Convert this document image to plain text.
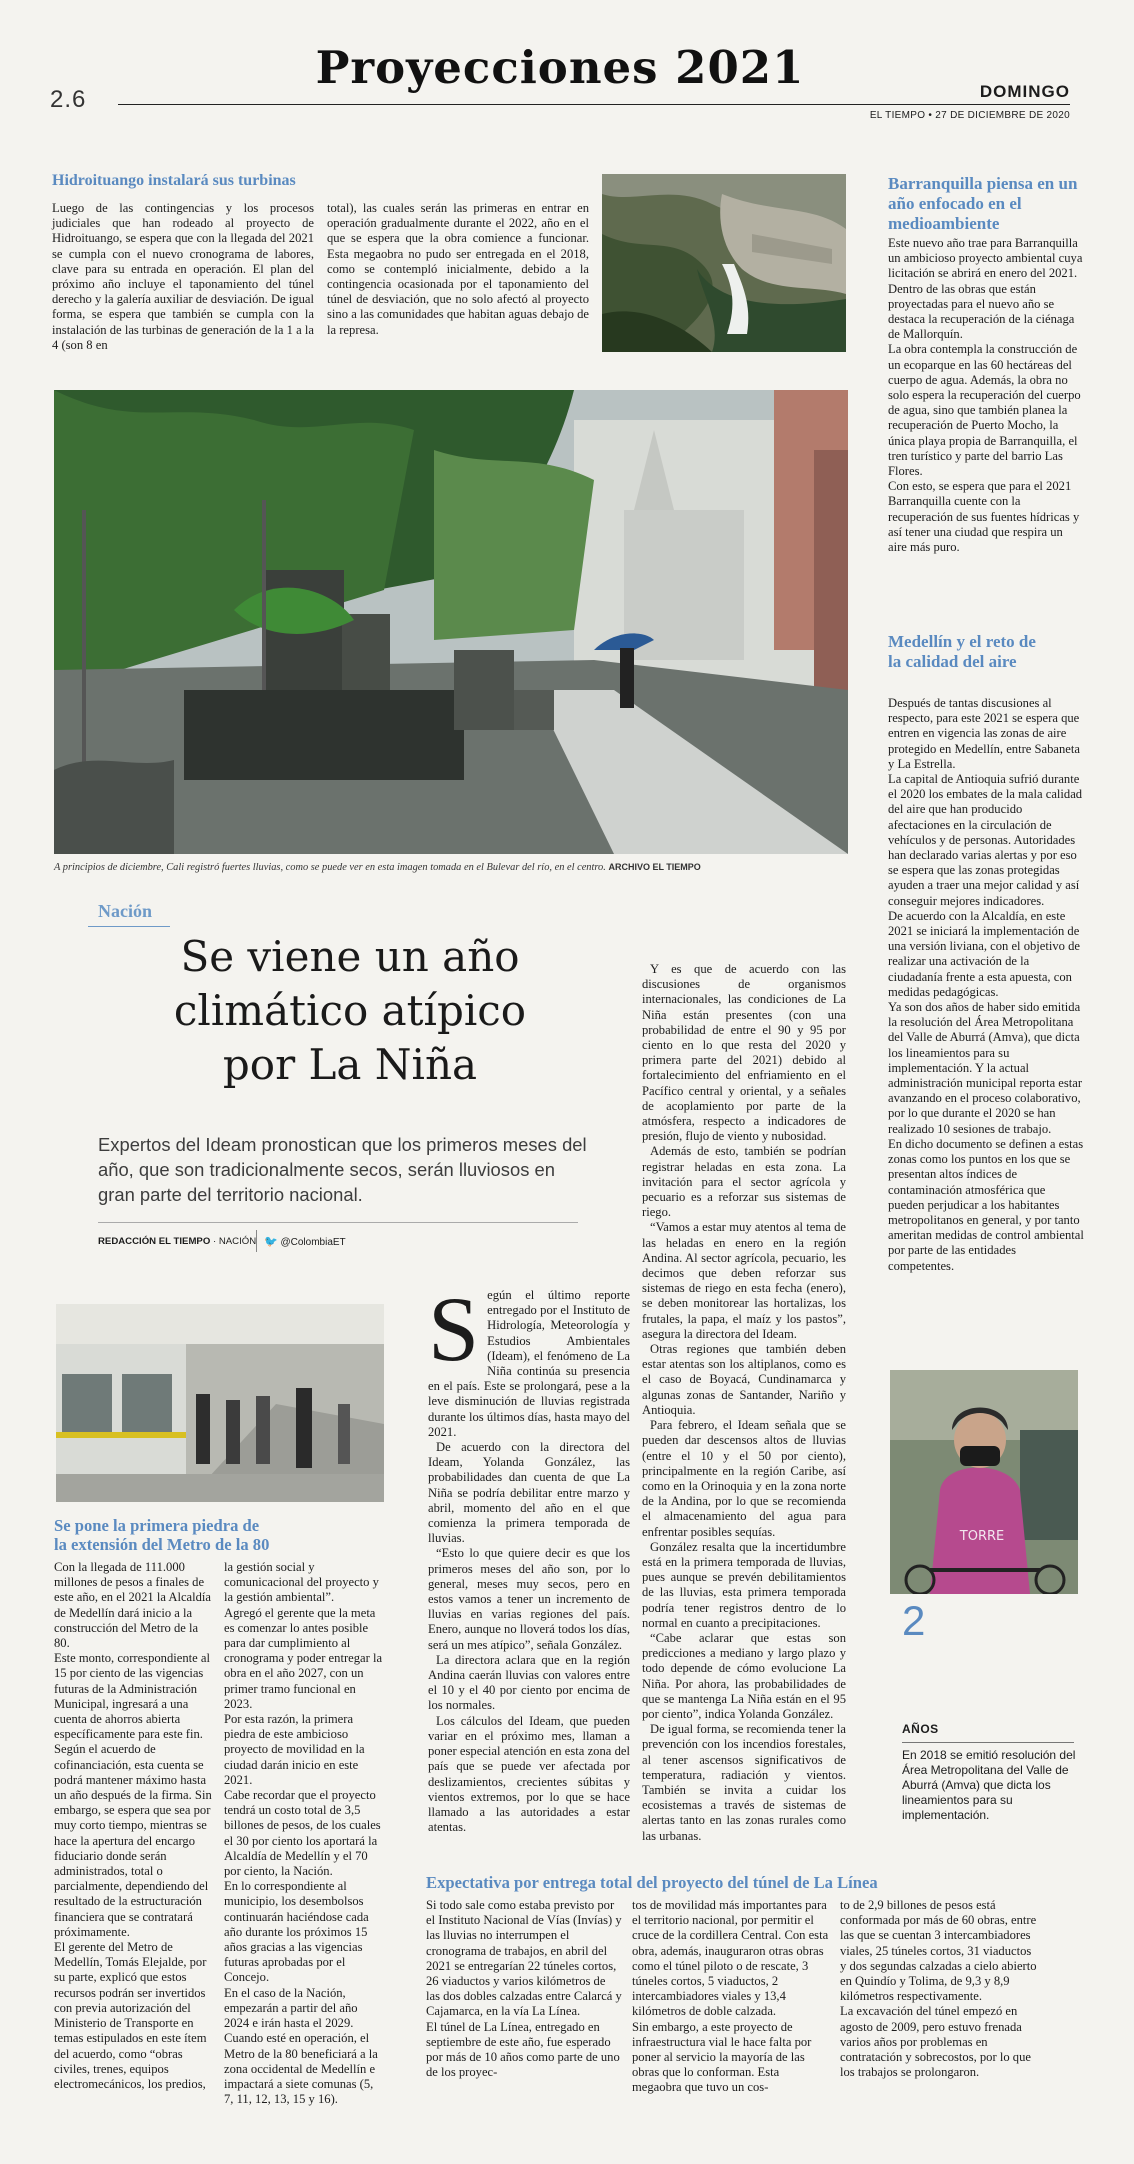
2.6
Proyecciones 2021	DOMINGO
EL TIEMPO • 27 DE DICIEMBRE DE 2020
Hidroituango instalará sus turbinas
Luego de las contingencias y los procesos judiciales que han rodeado al proyecto de Hidroituango, se espera que con la llegada del 2021 se cumpla con el nuevo cronograma de labores, clave para su entrada en operación. El plan del próximo año incluye el taponamiento del túnel derecho y la galería auxiliar de desviación. De igual forma, se espera que también se cumpla con la instalación de las turbinas de generación de la 1 a la 4 (son 8 en
total), las cuales serán las primeras en entrar en operación gradualmente durante el 2022, año en el que se espera que la obra comience a funcionar. Esta megaobra no pudo ser entregada en el 2018, como se contempló inicialmente, debido a la contingencia ocasionada por el taponamiento del túnel de desviación, que no solo afectó al proyecto sino a las comunidades que habitan aguas debajo de la represa.
Barranquilla piensa en un año enfocado en el medioambiente

Este nuevo año trae para Barranquilla un ambicioso proyecto ambiental cuya licitación se abrirá en enero del 2021.

Dentro de las obras que están proyectadas para el nuevo año se destaca la recuperación de la ciénaga de Mallorquín.

La obra contempla la construcción de un ecoparque en las 60 hectáreas del cuerpo de agua. Además, la obra no solo espera la recuperación del cuerpo de agua, sino que también planea la recuperación de Puerto Mocho, la única playa propia de Barranquilla, el tren turístico y parte del barrio Las Flores.

Con esto, se espera que para el 2021 Barranquilla cuente con la recuperación de sus fuentes hídricas y así tener una ciudad que respira un aire más puro.

Medellín y el reto de la calidad del aire

Después de tantas discusiones al respecto, para este 2021 se espera que entren en vigencia las zonas de aire protegido en Medellín, entre Sabaneta y La Estrella.

La capital de Antioquia sufrió durante el 2020 los embates de la mala calidad del aire que han producido afectaciones en la circulación de vehículos y de personas. Autoridades han declarado varias alertas y por eso se espera que las zonas protegidas ayuden a traer una mejor calidad y así conseguir mejores indicadores.

De acuerdo con la Alcaldía, en este 2021 se iniciará la implementación de una versión liviana, con el objetivo de realizar una activación de la ciudadanía frente a esta apuesta, con medidas pedagógicas.

Ya son dos años de haber sido emitida la resolución del Área Metropolitana del Valle de Aburrá (Amva), que dicta los lineamientos para su implementación. Y la actual administración municipal reporta estar avanzando en el proceso colaborativo, por lo que durante el 2020 se han realizado 10 sesiones de trabajo.

En dicho documento se definen a estas zonas como los puntos en los que se presentan altos índices de contaminación atmosférica que pueden perjudicar a los habitantes metropolitanos en general, y por tanto ameritan medidas de control ambiental por parte de las entidades competentes.

TORRE
2
AÑOS
En 2018 se emitió resolución del Área Metropolitana del Valle de Aburrá (Amva) que dicta los lineamientos para su implementación.
A principios de diciembre, Cali registró fuertes lluvias, como se puede ver en esta imagen tomada en el Bulevar del río, en el centro. ARCHIVO EL TIEMPO
Nación
Se viene un año
climático atípico
por La Niña
Expertos del Ideam pronostican que los primeros meses del año, que son tradicionalmente secos, serán lluviosos en gran parte del territorio nacional.
REDACCIÓN EL TIEMPO · NACIÓN 🐦 @ColombiaET
S egún el último reporte entregado por el Instituto de Hidrología, Meteorología y Estudios Ambientales (Ideam), el fenómeno de La Niña continúa su presencia en el país. Este se prolongará, pese a la leve disminución de lluvias registrada durante los últimos días, hasta mayo del 2021.

De acuerdo con la directora del Ideam, Yolanda González, las probabilidades dan cuenta de que La Niña se podría debilitar entre marzo y abril, momento del año en el que comienza la primera temporada de lluvias.

“Esto lo que quiere decir es que los primeros meses del año son, por lo general, meses muy secos, pero en estos vamos a tener un incremento de lluvias en varias regiones del país. Enero, aunque no lloverá todos los días, será un mes atípico”, señala González.

La directora aclara que en la región Andina caerán lluvias con valores entre el 10 y el 40 por ciento por encima de los normales.

Los cálculos del Ideam, que pueden variar en el próximo mes, llaman a poner especial atención en esta zona del país que se puede ver afectada por deslizamientos, crecientes súbitas y vientos extremos, por lo que se hace llamado a las autoridades a estar atentas.

Y es que de acuerdo con las discusiones de organismos internacionales, las condiciones de La Niña están presentes (con una probabilidad de entre el 90 y 95 por ciento en lo que resta del 2020 y primera parte del 2021) debido al fortalecimiento del enfriamiento en el Pacífico central y oriental, y a señales de acoplamiento por parte de la atmósfera, respecto a indicadores de presión, flujo de viento y nubosidad.

Además de esto, también se podrían registrar heladas en esta zona. La invitación para el sector agrícola y pecuario es a reforzar sus sistemas de riego.

“Vamos a estar muy atentos al tema de las heladas en enero en la región Andina. Al sector agrícola, pecuario, les decimos que deben reforzar sus sistemas de riego en esta fecha (enero), se deben monitorear las hortalizas, los frutales, la papa, el maíz y los pastos”, asegura la directora del Ideam.

Otras regiones que también deben estar atentas son los altiplanos, como es el caso de Boyacá, Cundinamarca y algunas zonas de Santander, Nariño y Antioquia.

Para febrero, el Ideam señala que se pueden dar descensos altos de lluvias (entre el 10 y el 50 por ciento), principalmente en la región Caribe, así como en la Orinoquia y en la zona norte de la Andina, por lo que se recomienda el almacenamiento del agua para enfrentar posibles sequías.

González resalta que la incertidumbre está en la primera temporada de lluvias, pues aunque se prevén debilitamientos de las lluvias, esta primera temporada podría tener registros dentro de lo normal en cuanto a precipitaciones.

“Cabe aclarar que estas son predicciones a mediano y largo plazo y todo depende de cómo evolucione La Niña. Por ahora, las probabilidades de que se mantenga La Niña están en el 95 por ciento”, indica Yolanda González.

De igual forma, se recomienda tener la prevención con los incendios forestales, al tener ascensos significativos de temperatura, radiación y vientos. También se invita a cuidar los ecosistemas a través de sistemas de alertas tanto en las zonas rurales como las urbanas.

Se pone la primera piedra de
la extensión del Metro de la 80

Con la llegada de 111.000 millones de pesos a finales de este año, en el 2021 la Alcaldía de Medellín dará inicio a la construcción del Metro de la 80.

Este monto, correspondiente al 15 por ciento de las vigencias futuras de la Administración Municipal, ingresará a una cuenta de ahorros abierta específicamente para este fin.

Según el acuerdo de cofinanciación, esta cuenta se podrá mantener máximo hasta un año después de la firma. Sin embargo, se espera que sea por muy corto tiempo, mientras se hace la apertura del encargo fiduciario donde serán administrados, total o parcialmente, dependiendo del resultado de la estructuración financiera que se contratará próximamente.

El gerente del Metro de Medellín, Tomás Elejalde, por su parte, explicó que estos recursos podrán ser invertidos con previa autorización del Ministerio de Transporte en temas estipulados en este ítem del acuerdo, como “obras civiles, trenes, equipos electromecánicos, los predios,

la gestión social y comunicacional del proyecto y la gestión ambiental”.

Agregó el gerente que la meta es comenzar lo antes posible para dar cumplimiento al cronograma y poder entregar la obra en el año 2027, con un primer tramo funcional en 2023.

Por esta razón, la primera piedra de este ambicioso proyecto de movilidad en la ciudad darán inicio en este 2021.

Cabe recordar que el proyecto tendrá un costo total de 3,5 billones de pesos, de los cuales el 30 por ciento los aportará la Alcaldía de Medellín y el 70 por ciento, la Nación.

En lo correspondiente al municipio, los desembolsos continuarán haciéndose cada año durante los próximos 15 años gracias a las vigencias futuras aprobadas por el Concejo.

En el caso de la Nación, empezarán a partir del año 2024 e irán hasta el 2029.

Cuando esté en operación, el Metro de la 80 beneficiará a la zona occidental de Medellín e impactará a siete comunas (5, 7, 11, 12, 13, 15 y 16).

Expectativa por entrega total del proyecto del túnel de La Línea

Si todo sale como estaba previsto por el Instituto Nacional de Vías (Invías) y las lluvias no interrumpen el cronograma de trabajos, en abril del 2021 se entregarían 22 túneles cortos, 26 viaductos y varios kilómetros de las dos dobles calzadas entre Calarcá y Cajamarca, en la vía La Línea.

El túnel de La Línea, entregado en septiembre de este año, fue esperado por más de 10 años como parte de uno de los proyec-

tos de movilidad más importantes para el territorio nacional, por permitir el cruce de la cordillera Central. Con esta obra, además, inauguraron otras obras como el túnel piloto o de rescate, 3 túneles cortos, 5 viaductos, 2 intercambiadores viales y 13,4 kilómetros de doble calzada.

Sin embargo, a este proyecto de infraestructura vial le hace falta por poner al servicio la mayoría de las obras que lo conforman. Esta megaobra que tuvo un cos-

to de 2,9 billones de pesos está conformada por más de 60 obras, entre las que se cuentan 3 intercambiadores viales, 25 túneles cortos, 31 viaductos y dos segundas calzadas a cielo abierto en Quindío y Tolima, de 9,3 y 8,9 kilómetros respectivamente.

La excavación del túnel empezó en agosto de 2009, pero estuvo frenada varios años por problemas en contratación y sobrecostos, por lo que los trabajos se prolongaron.
